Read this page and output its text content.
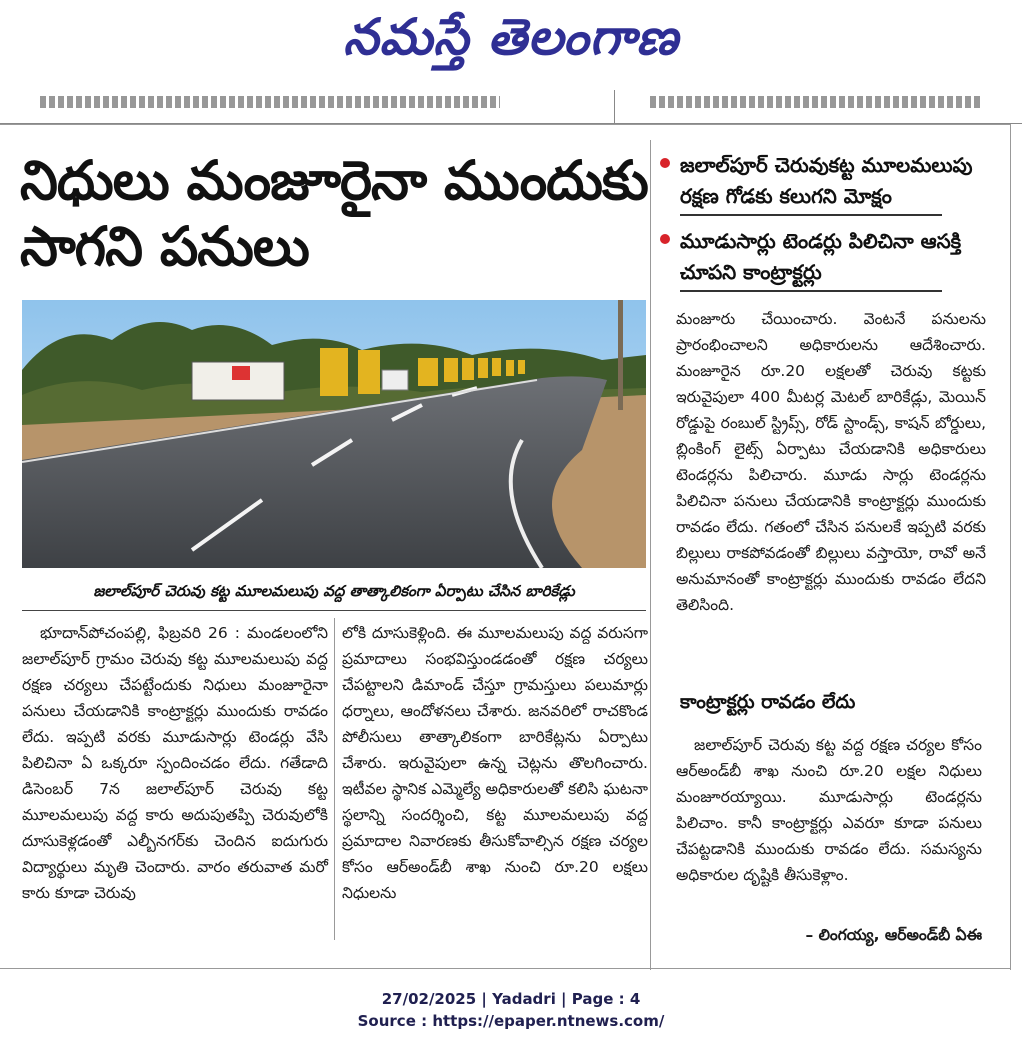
నమస్తే తెలంగాణ
నిధులు మంజూరైనా ముందుకు సాగని పనులు
జలాల్‌పూర్ చెరువుకట్ట మూలమలుపు రక్షణ గోడకు కలుగని మోక్షం
మూడుసార్లు టెండర్లు పిలిచినా ఆసక్తి చూపని కాంట్రాక్టర్లు
జలాల్‌పూర్ చెరువు కట్ట మూలమలుపు వద్ద తాత్కాలికంగా ఏర్పాటు చేసిన బారికేడ్లు

భూదాన్‌పోచంపల్లి, ఫిబ్రవరి 26 : మండలంలోని జలాల్‌పూర్ గ్రామం చెరువు కట్ట మూలమలుపు వద్ద రక్షణ చర్యలు చేపట్టేందుకు నిధులు మంజూరైనా పనులు చేయడానికి కాంట్రాక్టర్లు ముందుకు రావడం లేదు. ఇప్పటి వరకు మూడుసార్లు టెండర్లు వేసి పిలిచినా ఏ ఒక్కరూ స్పందించడం లేదు. గతేడాది డిసెంబర్ 7న జలాల్‌పూర్ చెరువు కట్ట మూలమలుపు వద్ద కారు అదుపుతప్పి చెరువులోకి దూసుకెళ్లడంతో ఎల్బీనగర్‌కు చెందిన ఐదుగురు విద్యార్థులు మృతి చెందారు. వారం తరువాత మరో కారు కూడా చెరువు

లోకి దూసుకెళ్లింది. ఈ మూలమలుపు వద్ద వరుసగా ప్రమాదాలు సంభవిస్తుండడంతో రక్షణ చర్యలు చేపట్టాలని డిమాండ్ చేస్తూ గ్రామస్తులు పలుమార్లు ధర్నాలు, ఆందోళనలు చేశారు. జనవరిలో రాచకొండ పోలీసులు తాత్కాలికంగా బారికేట్లను ఏర్పాటు చేశారు. ఇరువైపులా ఉన్న చెట్లను తొలగించారు. ఇటీవల స్థానిక ఎమ్మెల్యే అధికారులతో కలిసి ఘటనా స్థలాన్ని సందర్శించి, కట్ట మూలమలుపు వద్ద ప్రమాదాల నివారణకు తీసుకోవాల్సిన రక్షణ చర్యల కోసం ఆర్‌అండ్‌బీ శాఖ నుంచి రూ.20 లక్షలు నిధులను

మంజూరు చేయించారు. వెంటనే పనులను ప్రారంభించాలని అధికారులను ఆదేశించారు. మంజూరైన రూ.20 లక్షలతో చెరువు కట్టకు ఇరువైపులా 400 మీటర్ల మెటల్ బారికేడ్లు, మెయిన్ రోడ్డుపై రంబుల్ స్ట్రిప్స్, రోడ్ స్టాండ్స్, కాషన్ బోర్డులు, బ్లింకింగ్ లైట్స్ ఏర్పాటు చేయడానికి అధికారులు టెండర్లను పిలిచారు. మూడు సార్లు టెండర్లను పిలిచినా పనులు చేయడానికి కాంట్రాక్టర్లు ముందుకు రావడం లేదు. గతంలో చేసిన పనులకే ఇప్పటి వరకు బిల్లులు రాకపోవడంతో బిల్లులు వస్తాయో, రావో అనే అనుమానంతో కాంట్రాక్టర్లు ముందుకు రావడం లేదని తెలిసింది.

కాంట్రాక్టర్లు రావడం లేదు

జలాల్‌పూర్ చెరువు కట్ట వద్ద రక్షణ చర్యల కోసం ఆర్‌అండ్‌బీ శాఖ నుంచి రూ.20 లక్షల నిధులు మంజూరయ్యాయి. మూడుసార్లు టెండర్లను పిలిచాం. కానీ కాంట్రాక్టర్లు ఎవరూ కూడా పనులు చేపట్టడానికి ముందుకు రావడం లేదు. సమస్యను అధికారుల దృష్టికి తీసుకెళ్లాం.

– లింగయ్య, ఆర్‌అండ్‌బీ ఏఈ
27/02/2025 | Yadadri | Page : 4
Source : https://epaper.ntnews.com/
